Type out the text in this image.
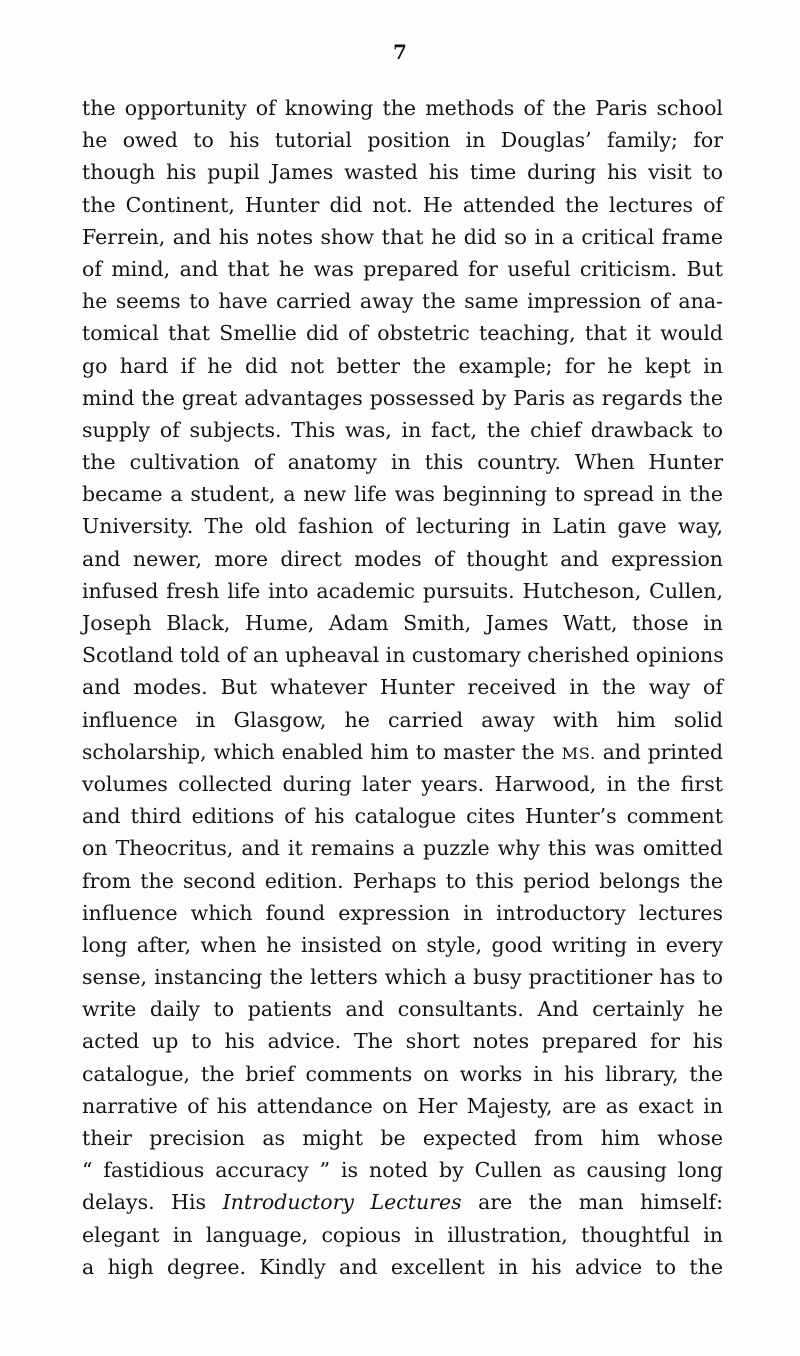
7
the opportunity of knowing the methods of the Paris school
he owed to his tutorial position in Douglas’ family; for
though his pupil James wasted his time during his visit to
the Continent, Hunter did not. He attended the lectures of
Ferrein, and his notes show that he did so in a critical frame
of mind, and that he was prepared for useful criticism. But
he seems to have carried away the same impression of ana-
tomical that Smellie did of obstetric teaching, that it would
go hard if he did not better the example; for he kept in
mind the great advantages possessed by Paris as regards the
supply of subjects. This was, in fact, the chief drawback to
the cultivation of anatomy in this country. When Hunter
became a student, a new life was beginning to spread in the
University. The old fashion of lecturing in Latin gave way,
and newer, more direct modes of thought and expression
infused fresh life into academic pursuits. Hutcheson, Cullen,
Joseph Black, Hume, Adam Smith, James Watt, those in
Scotland told of an upheaval in customary cherished opinions
and modes. But whatever Hunter received in the way of
influence in Glasgow, he carried away with him solid
scholarship, which enabled him to master the MS. and printed
volumes collected during later years. Harwood, in the first
and third editions of his catalogue cites Hunter’s comment
on Theocritus, and it remains a puzzle why this was omitted
from the second edition. Perhaps to this period belongs the
influence which found expression in introductory lectures
long after, when he insisted on style, good writing in every
sense, instancing the letters which a busy practitioner has to
write daily to patients and consultants. And certainly he
acted up to his advice. The short notes prepared for his
catalogue, the brief comments on works in his library, the
narrative of his attendance on Her Majesty, are as exact in
their precision as might be expected from him whose
“ fastidious accuracy ” is noted by Cullen as causing long
delays. His Introductory Lectures are the man himself:
elegant in language, copious in illustration, thoughtful in
a high degree. Kindly and excellent in his advice to the
